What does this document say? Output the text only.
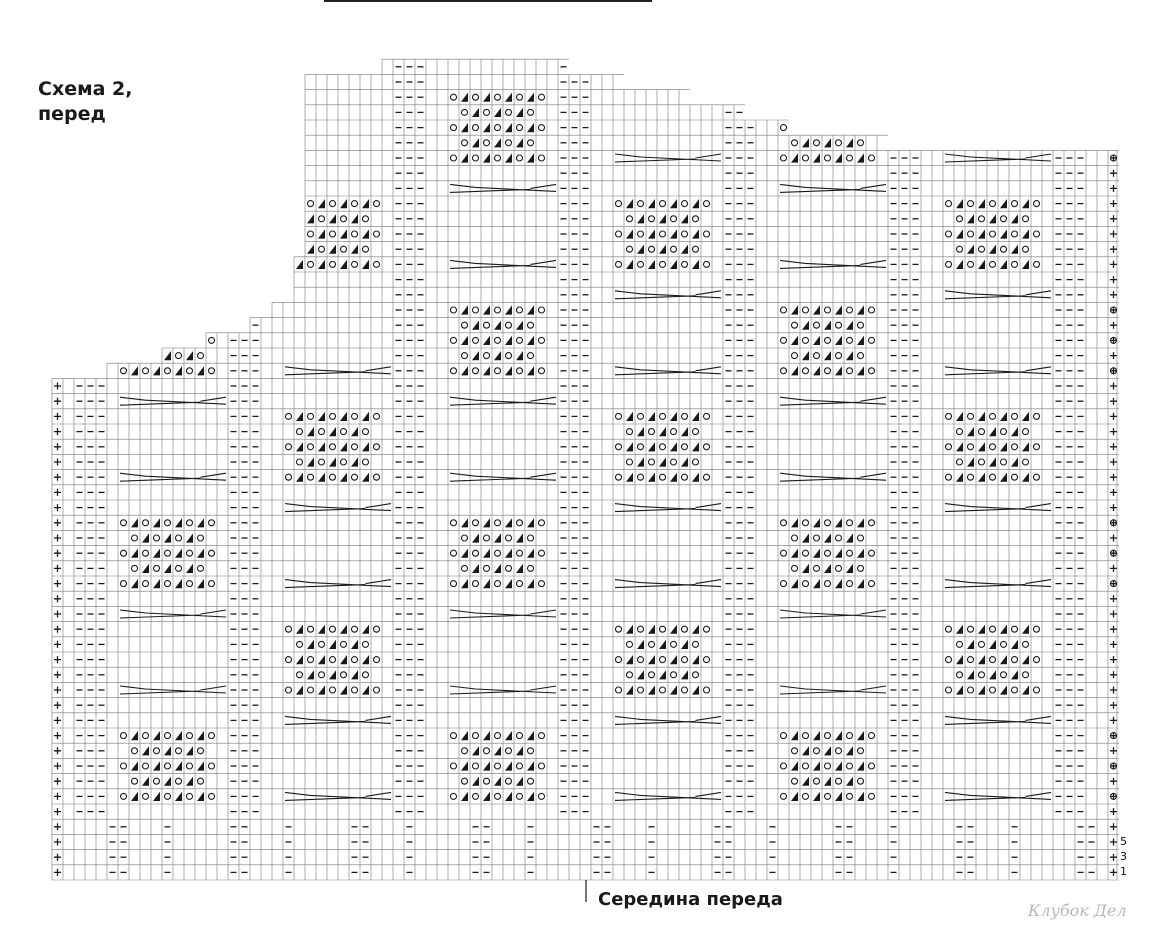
Схема 2,
перед
5
3
1
Середина переда
Клубок Дел
